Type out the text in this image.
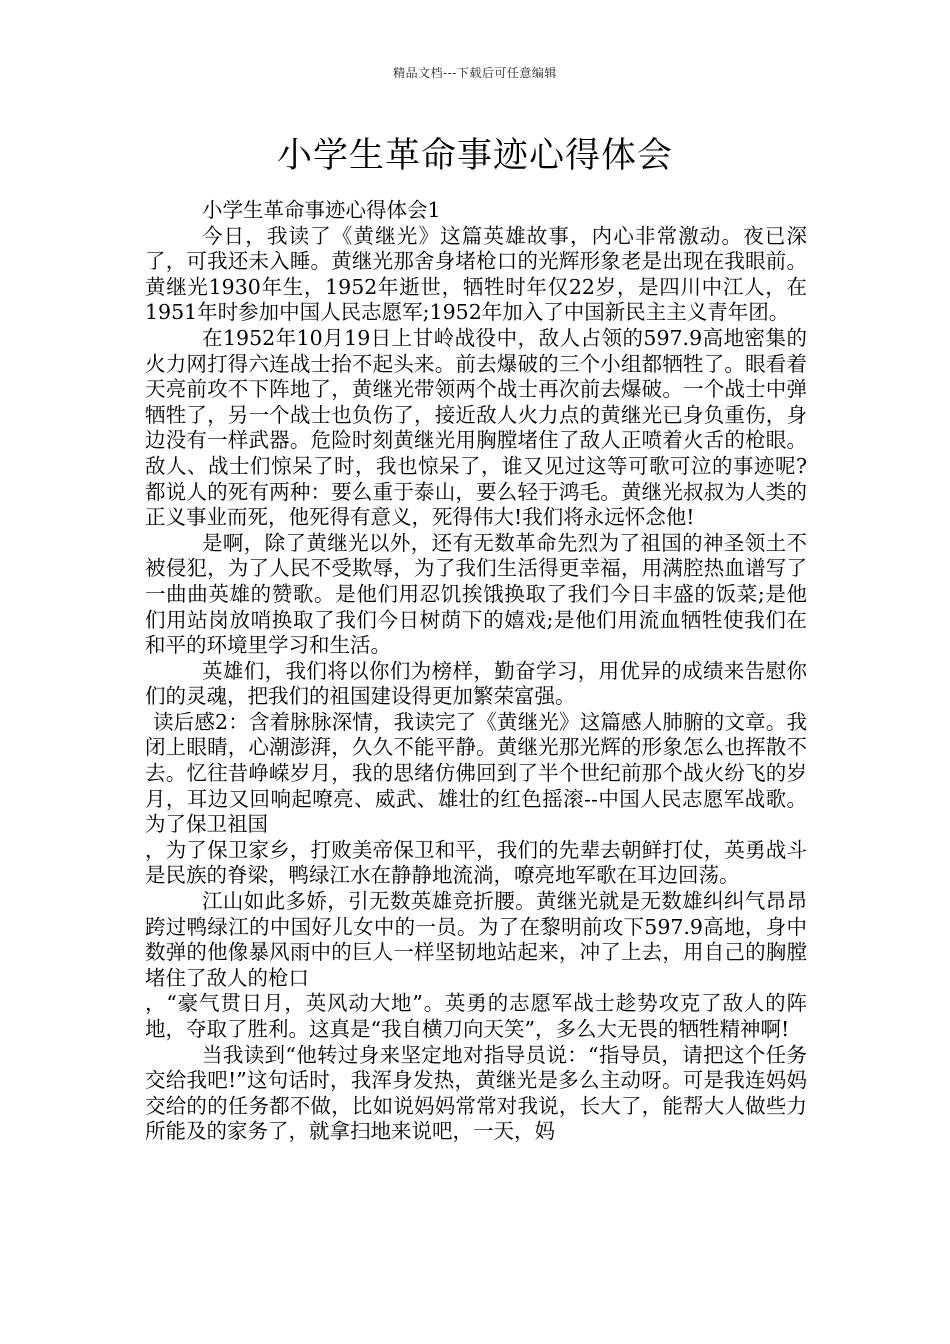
精品文档---下载后可任意编辑
小学生革命事迹心得体会

小学生革命事迹心得体会1

今日，我读了《黄继光》这篇英雄故事，内心非常激动。夜已深了，可我还未入睡。黄继光那舍身堵枪口的光辉形象老是出现在我眼前。黄继光1930年生，1952年逝世，牺牲时年仅22岁，是四川中江人，在1951年时参加中国人民志愿军;1952年加入了中国新民主主义青年团。

在1952年10月19日上甘岭战役中，敌人占领的597.9高地密集的火力网打得六连战士抬不起头来。前去爆破的三个小组都牺牲了。眼看着天亮前攻不下阵地了，黄继光带领两个战士再次前去爆破。一个战士中弹牺牲了，另一个战士也负伤了，接近敌人火力点的黄继光已身负重伤，身边没有一样武器。危险时刻黄继光用胸膛堵住了敌人正喷着火舌的枪眼。敌人、战士们惊呆了时，我也惊呆了，谁又见过这等可歌可泣的事迹呢?都说人的死有两种：要么重于泰山，要么轻于鸿毛。黄继光叔叔为人类的正义事业而死，他死得有意义，死得伟大!我们将永远怀念他!

是啊，除了黄继光以外，还有无数革命先烈为了祖国的神圣领土不被侵犯，为了人民不受欺辱，为了我们生活得更幸福，用满腔热血谱写了一曲曲英雄的赞歌。是他们用忍饥挨饿换取了我们今日丰盛的饭菜;是他们用站岗放哨换取了我们今日树荫下的嬉戏;是他们用流血牺牲使我们在和平的环境里学习和生活。

英雄们，我们将以你们为榜样，勤奋学习，用优异的成绩来告慰你们的灵魂，把我们的祖国建设得更加繁荣富强。

读后感2：含着脉脉深情，我读完了《黄继光》这篇感人肺腑的文章。我闭上眼睛，心潮澎湃，久久不能平静。黄继光那光辉的形象怎么也挥散不去。忆往昔峥嵘岁月，我的思绪仿佛回到了半个世纪前那个战火纷飞的岁月，耳边又回响起嘹亮、威武、雄壮的红色摇滚--中国人民志愿军战歌。为了保卫祖国

，为了保卫家乡，打败美帝保卫和平，我们的先辈去朝鲜打仗，英勇战斗是民族的脊梁，鸭绿江水在静静地流淌，嘹亮地军歌在耳边回荡。

江山如此多娇，引无数英雄竞折腰。黄继光就是无数雄纠纠气昂昂跨过鸭绿江的中国好儿女中的一员。为了在黎明前攻下597.9高地，身中数弹的他像暴风雨中的巨人一样坚韧地站起来，冲了上去，用自己的胸膛堵住了敌人的枪口

，“豪气贯日月，英风动大地”。英勇的志愿军战士趁势攻克了敌人的阵地，夺取了胜利。这真是“我自横刀向天笑”，多么大无畏的牺牲精神啊!

当我读到“他转过身来坚定地对指导员说：“指导员，请把这个任务交给我吧!”这句话时，我浑身发热，黄继光是多么主动呀。可是我连妈妈交给的的任务都不做，比如说妈妈常常对我说，长大了，能帮大人做些力所能及的家务了，就拿扫地来说吧，一天，妈
